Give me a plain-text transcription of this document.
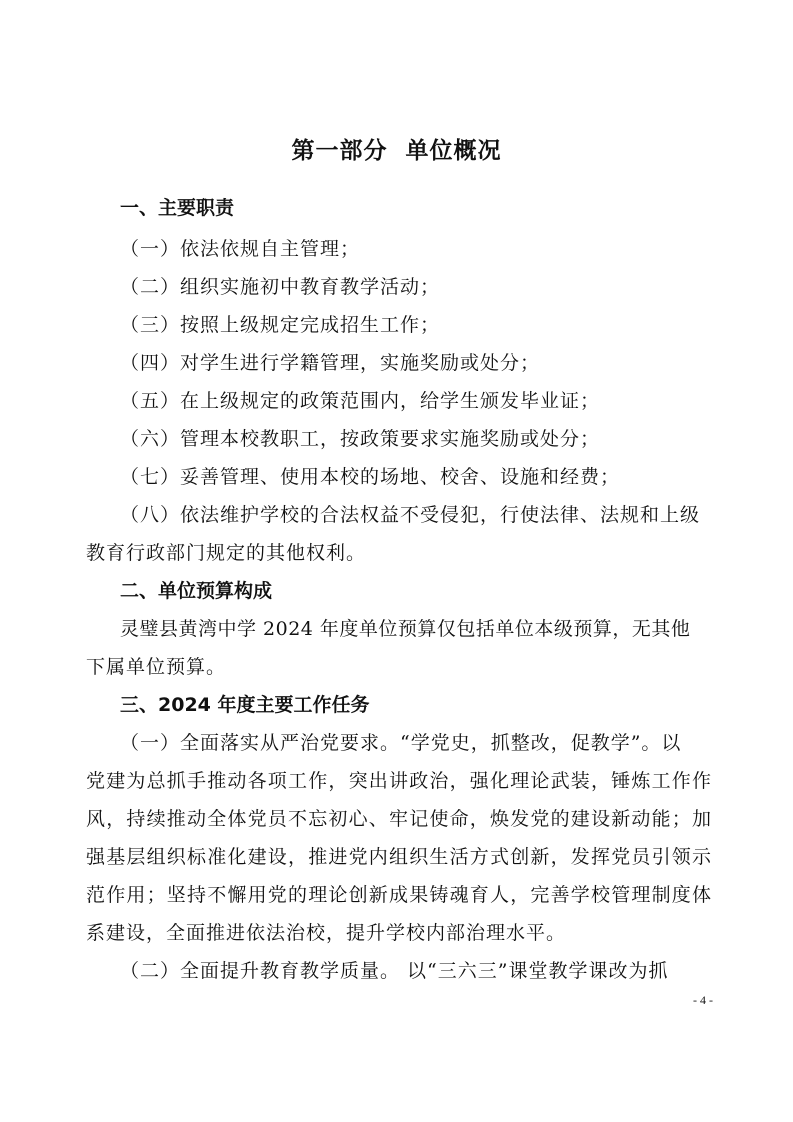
第一部分  单位概况
一、主要职责
（一）依法依规自主管理；
（二）组织实施初中教育教学活动；
（三）按照上级规定完成招生工作；
（四）对学生进行学籍管理，实施奖励或处分；
（五）在上级规定的政策范围内，给学生颁发毕业证；
（六）管理本校教职工，按政策要求实施奖励或处分；
（七）妥善管理、使用本校的场地、校舍、设施和经费；
（八）依法维护学校的合法权益不受侵犯，行使法律、法规和上级
教育行政部门规定的其他权利。
二、单位预算构成
灵璧县黄湾中学 2024 年度单位预算仅包括单位本级预算，无其他
下属单位预算。
三、2024 年度主要工作任务
（一）全面落实从严治党要求。“学党史，抓整改，促教学”。以
党建为总抓手推动各项工作，突出讲政治，强化理论武装，锤炼工作作
风，持续推动全体党员不忘初心、牢记使命，焕发党的建设新动能；加
强基层组织标准化建设，推进党内组织生活方式创新，发挥党员引领示
范作用；坚持不懈用党的理论创新成果铸魂育人，完善学校管理制度体
系建设，全面推进依法治校，提升学校内部治理水平。
（二）全面提升教育教学质量。 以“三六三”课堂教学课改为抓
- 4 -
